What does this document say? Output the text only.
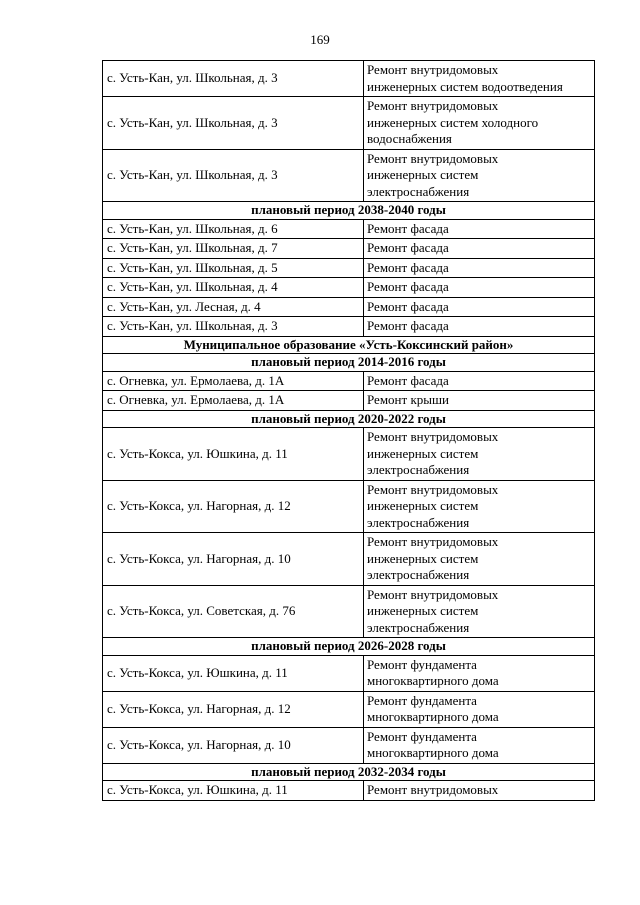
169
с. Усть-Кан, ул. Школьная, д. 3	Ремонт внутридомовых
инженерных систем водоотведения

с. Усть-Кан, ул. Школьная, д. 3	Ремонт внутридомовых
инженерных систем холодного
водоснабжения

с. Усть-Кан, ул. Школьная, д. 3	Ремонт внутридомовых
инженерных систем
электроснабжения

плановый период 2038-2040 годы	
с. Усть-Кан, ул. Школьная, д. 6	Ремонт фасада

с. Усть-Кан, ул. Школьная, д. 7	Ремонт фасада

с. Усть-Кан, ул. Школьная, д. 5	Ремонт фасада

с. Усть-Кан, ул. Школьная, д. 4	Ремонт фасада

с. Усть-Кан, ул. Лесная, д. 4	Ремонт фасада

с. Усть-Кан, ул. Школьная, д. 3	Ремонт фасада

Муниципальное образование «Усть-Коксинский район»	
плановый период 2014-2016 годы	
с. Огневка, ул. Ермолаева, д. 1А	Ремонт фасада

с. Огневка, ул. Ермолаева, д. 1А	Ремонт крыши

плановый период 2020-2022 годы	
с. Усть-Кокса, ул. Юшкина, д. 11	Ремонт внутридомовых
инженерных систем
электроснабжения

с. Усть-Кокса, ул. Нагорная, д. 12	Ремонт внутридомовых
инженерных систем
электроснабжения

с. Усть-Кокса, ул. Нагорная, д. 10	Ремонт внутридомовых
инженерных систем
электроснабжения

с. Усть-Кокса, ул. Советская, д. 76	Ремонт внутридомовых
инженерных систем
электроснабжения

плановый период 2026-2028 годы	
с. Усть-Кокса, ул. Юшкина, д. 11	Ремонт фундамента
многоквартирного дома

с. Усть-Кокса, ул. Нагорная, д. 12	Ремонт фундамента
многоквартирного дома

с. Усть-Кокса, ул. Нагорная, д. 10	Ремонт фундамента
многоквартирного дома

плановый период 2032-2034 годы	
с. Усть-Кокса, ул. Юшкина, д. 11	Ремонт внутридомовых
